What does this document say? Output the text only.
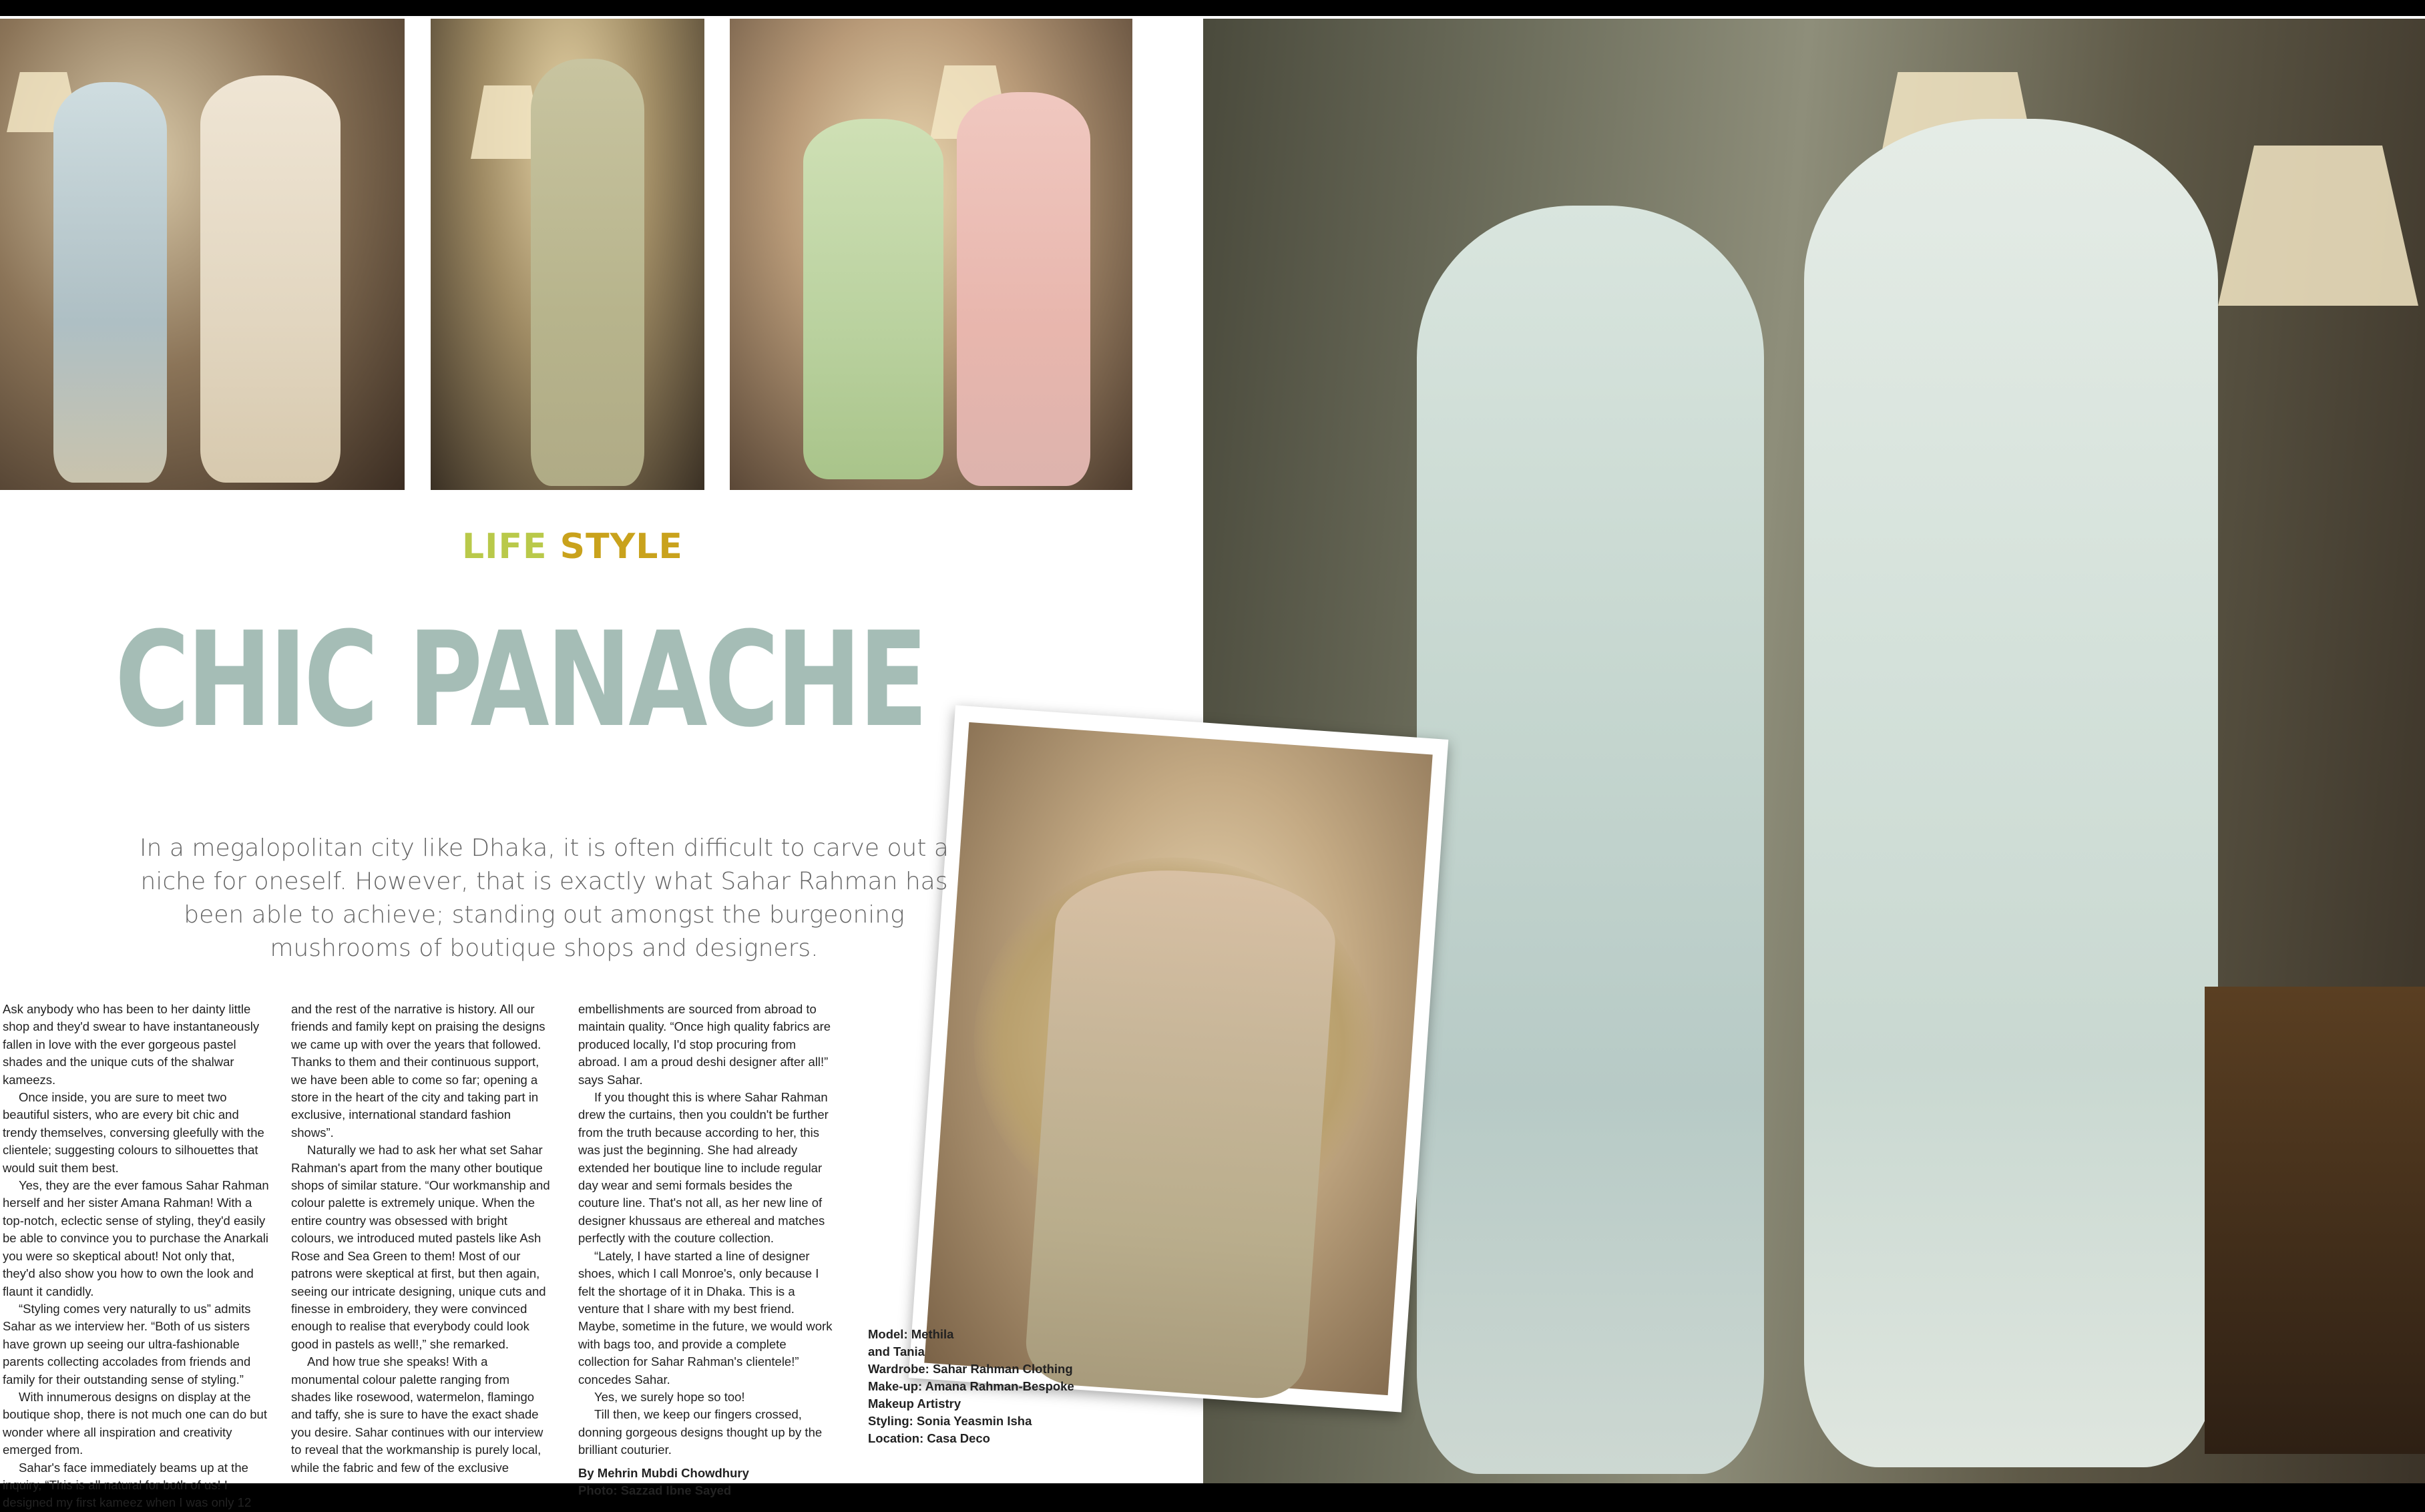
LIFE STYLE
CHIC PANACHE
In a megalopolitan city like Dhaka, it is often difficult to carve out a niche for oneself. However, that is exactly what Sahar Rahman has been able to achieve; standing out amongst the burgeoning mushrooms of boutique shops and designers.

Ask anybody who has been to her dainty little shop and they'd swear to have instantaneously fallen in love with the ever gorgeous pastel shades and the unique cuts of the shalwar kameezs.

Once inside, you are sure to meet two beautiful sisters, who are every bit chic and trendy themselves, conversing gleefully with the clientele; suggesting colours to silhouettes that would suit them best.

Yes, they are the ever famous Sahar Rahman herself and her sister Amana Rahman! With a top-notch, eclectic sense of styling, they'd easily be able to convince you to purchase the Anarkali you were so skeptical about! Not only that, they'd also show you how to own the look and flaunt it candidly.

“Styling comes very naturally to us” admits Sahar as we interview her. “Both of us sisters have grown up seeing our ultra-fashionable parents collecting accolades from friends and family for their outstanding sense of styling.”

With innumerous designs on display at the boutique shop, there is not much one can do but wonder where all inspiration and creativity emerged from.

Sahar's face immediately beams up at the inquiry, “This is all natural for both of us! I designed my first kameez when I was only 12

and the rest of the narrative is history. All our friends and family kept on praising the designs we came up with over the years that followed. Thanks to them and their continuous support, we have been able to come so far; opening a store in the heart of the city and taking part in exclusive, international standard fashion shows”.

Naturally we had to ask her what set Sahar Rahman's apart from the many other boutique shops of similar stature. “Our workmanship and colour palette is extremely unique. When the entire country was obsessed with bright colours, we introduced muted pastels like Ash Rose and Sea Green to them! Most of our patrons were skeptical at first, but then again, seeing our intricate designing, unique cuts and finesse in embroidery, they were convinced enough to realise that everybody could look good in pastels as well!,” she remarked.

And how true she speaks! With a monumental colour palette ranging from shades like rosewood, watermelon, flamingo and taffy, she is sure to have the exact shade you desire. Sahar continues with our interview to reveal that the workmanship is purely local, while the fabric and few of the exclusive

embellishments are sourced from abroad to maintain quality. “Once high quality fabrics are produced locally, I'd stop procuring from abroad. I am a proud deshi designer after all!” says Sahar.

If you thought this is where Sahar Rahman drew the curtains, then you couldn't be further from the truth because according to her, this was just the beginning. She had already extended her boutique line to include regular day wear and semi formals besides the couture line. That's not all, as her new line of designer khussaus are ethereal and matches perfectly with the couture collection.

“Lately, I have started a line of designer shoes, which I call Monroe's, only because I felt the shortage of it in Dhaka. This is a venture that I share with my best friend. Maybe, sometime in the future, we would work with bags too, and provide a complete collection for Sahar Rahman's clientele!” concedes Sahar.

Yes, we surely hope so too!

Till then, we keep our fingers crossed, donning gorgeous designs thought up by the brilliant couturier.

By Mehrin Mubdi Chowdhury
Photo: Sazzad Ibne Sayed
Model: Methila
and Tania
Wardrobe: Sahar Rahman Clothing
Make-up: Amana Rahman-Bespoke
Makeup Artistry
Styling: Sonia Yeasmin Isha
Location: Casa Deco
